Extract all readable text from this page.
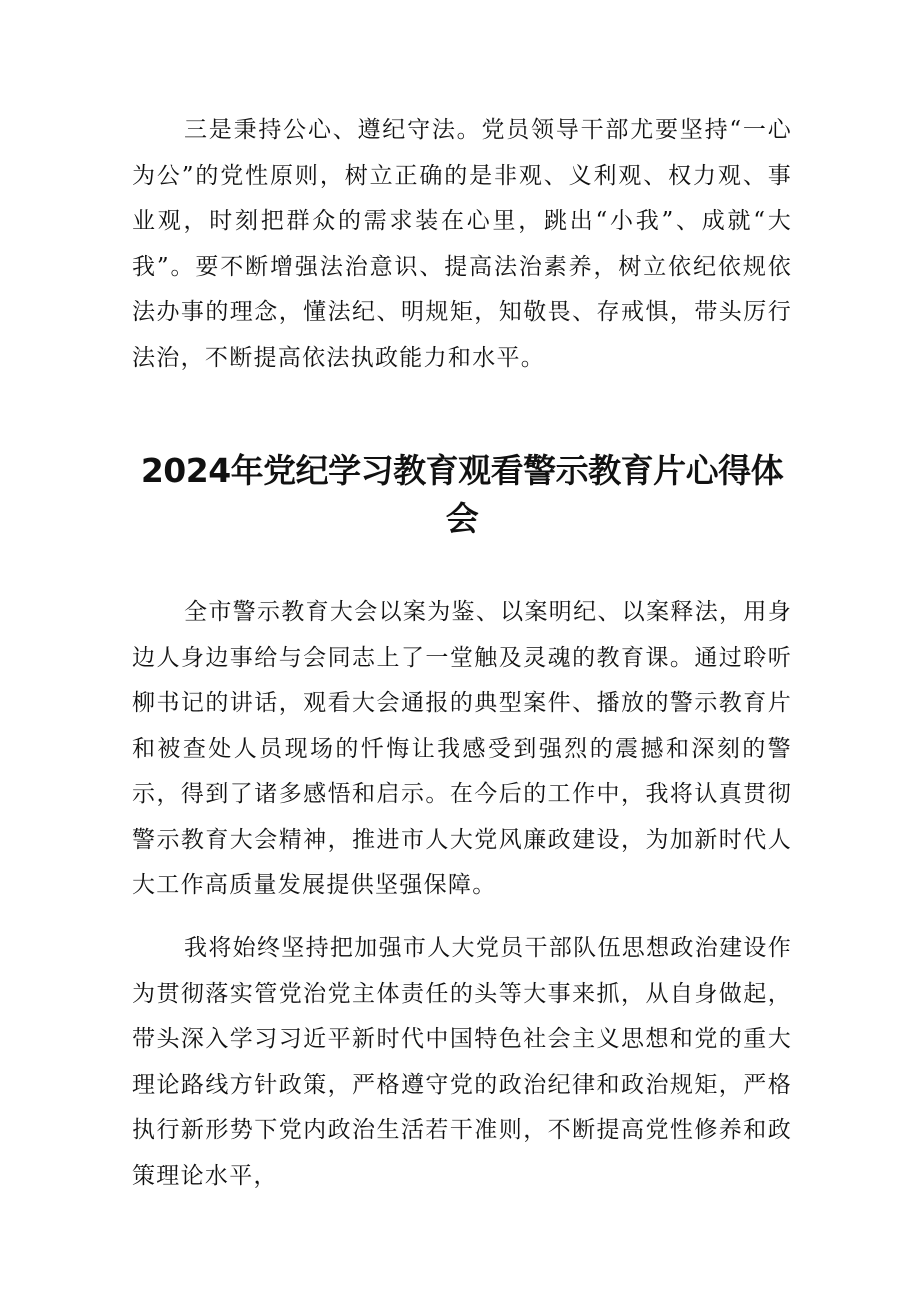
三是秉持公心、遵纪守法。党员领导干部尤要坚持“一心为公”的党性原则，树立正确的是非观、义利观、权力观、事业观，时刻把群众的需求装在心里，跳出“小我”、成就“大我”。要不断增强法治意识、提高法治素养，树立依纪依规依法办事的理念，懂法纪、明规矩，知敬畏、存戒惧，带头厉行法治，不断提高依法执政能力和水平。

2024年党纪学习教育观看警示教育片心得体会

全市警示教育大会以案为鉴、以案明纪、以案释法，用身边人身边事给与会同志上了一堂触及灵魂的教育课。通过聆听柳书记的讲话，观看大会通报的典型案件、播放的警示教育片和被查处人员现场的忏悔让我感受到强烈的震撼和深刻的警示，得到了诸多感悟和启示。在今后的工作中，我将认真贯彻警示教育大会精神，推进市人大党风廉政建设，为加新时代人大工作高质量发展提供坚强保障。

我将始终坚持把加强市人大党员干部队伍思想政治建设作为贯彻落实管党治党主体责任的头等大事来抓，从自身做起，带头深入学习习近平新时代中国特色社会主义思想和党的重大理论路线方针政策，严格遵守党的政治纪律和政治规矩，严格执行新形势下党内政治生活若干准则，不断提高党性修养和政策理论水平，
